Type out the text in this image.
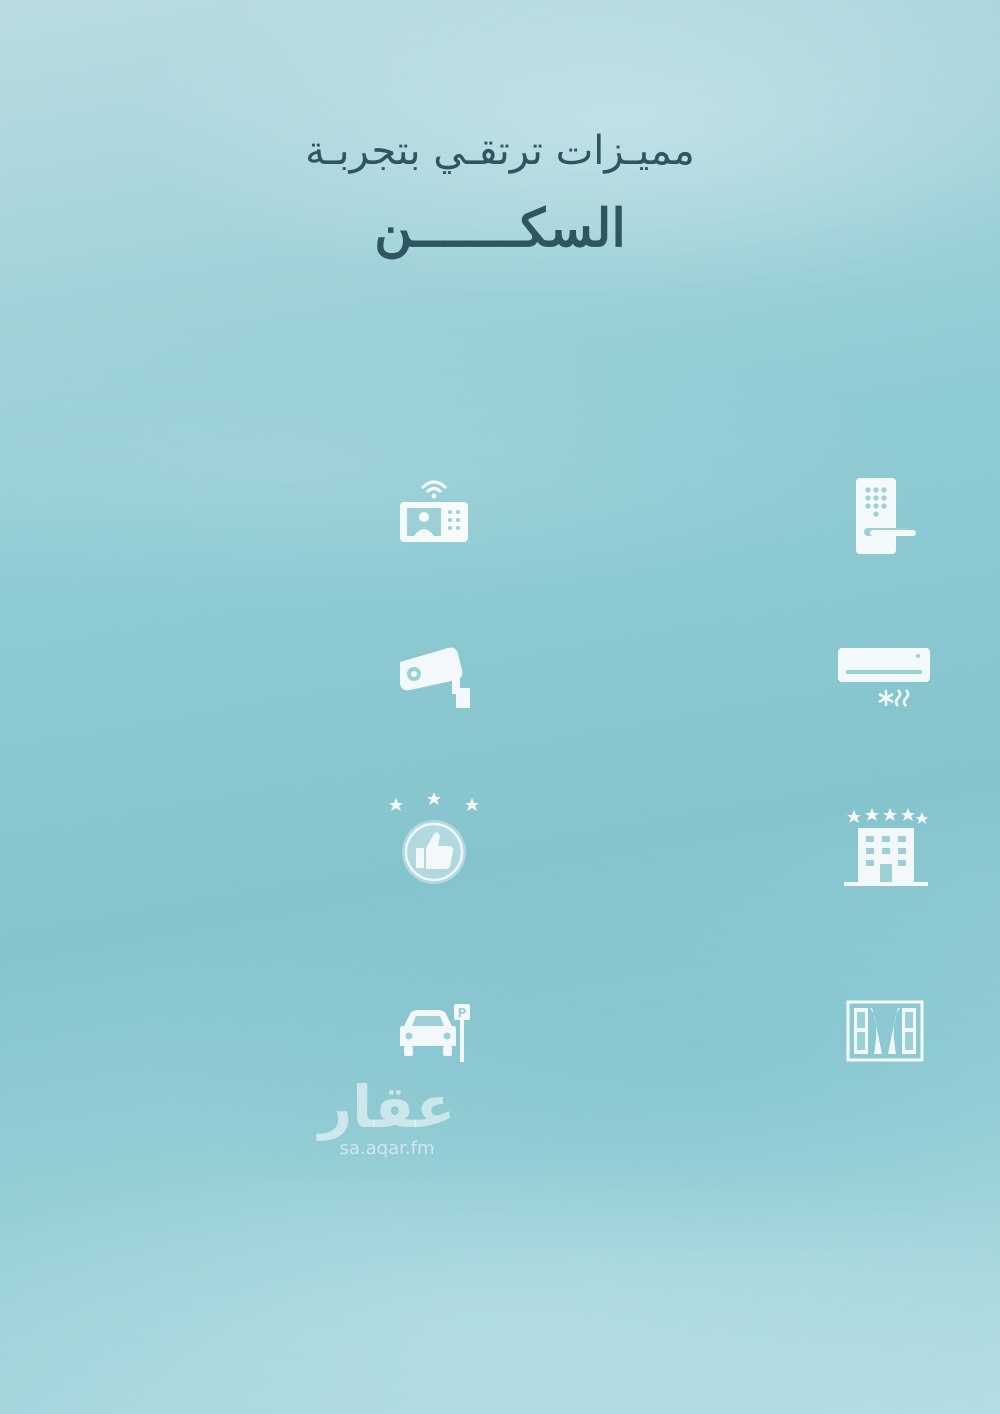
مميـزات ترتقـي بتجربـة
السكـــــــن
P
عقار
sa.aqar.fm
